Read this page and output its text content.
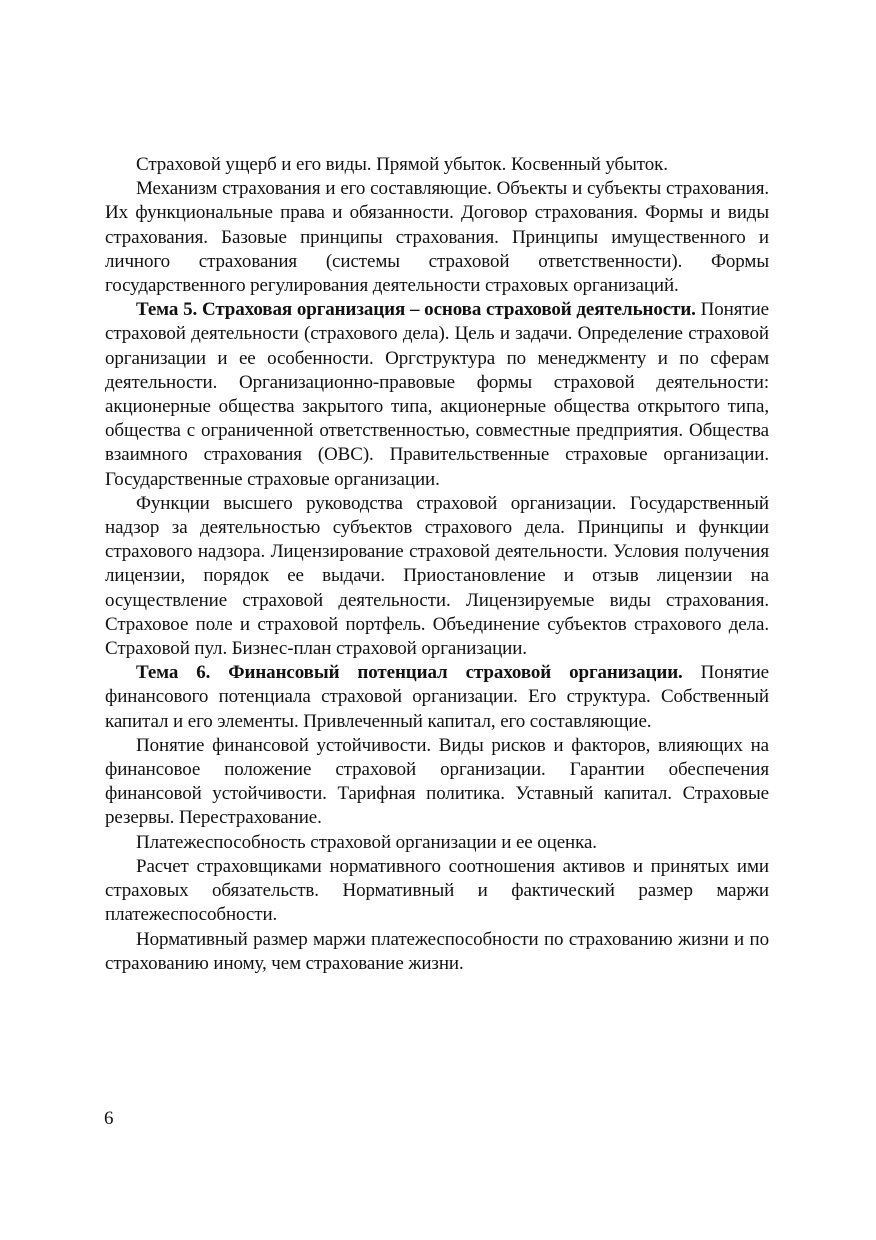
Страховой ущерб и его виды. Прямой убыток. Косвенный убыток.

Механизм страхования и его составляющие. Объекты и субъекты страхования. Их функциональные права и обязанности. Договор страхования. Формы и виды страхования. Базовые принципы страхования. Принципы имущественного и личного страхования (системы страховой ответственности). Формы государственного регулирования деятельности страховых организаций.

Тема 5. Страховая организация – основа страховой деятельности. Понятие страховой деятельности (страхового дела). Цель и задачи. Определение страховой организации и ее особенности. Оргструктура по менеджменту и по сферам деятельности. Организационно-правовые формы страховой деятельности: акционерные общества закрытого типа, акционерные общества открытого типа, общества с ограниченной ответственностью, совместные предприятия. Общества взаимного страхования (ОВС). Правительственные страховые организации. Государственные страховые организации.

Функции высшего руководства страховой организации. Государственный надзор за деятельностью субъектов страхового дела. Принципы и функции страхового надзора. Лицензирование страховой деятельности. Условия получения лицензии, порядок ее выдачи. Приостановление и отзыв лицензии на осуществление страховой деятельности. Лицензируемые виды страхования. Страховое поле и страховой портфель. Объединение субъектов страхового дела. Страховой пул. Бизнес-план страховой организации.

Тема 6. Финансовый потенциал страховой организации. Понятие финансового потенциала страховой организации. Его структура. Собственный капитал и его элементы. Привлеченный капитал, его составляющие.

Понятие финансовой устойчивости. Виды рисков и факторов, влияющих на финансовое положение страховой организации. Гарантии обеспечения финансовой устойчивости. Тарифная политика. Уставный капитал. Страховые резервы. Перестрахование.

Платежеспособность страховой организации и ее оценка.

Расчет страховщиками нормативного соотношения активов и принятых ими страховых обязательств. Нормативный и фактический размер маржи платежеспособности.

Нормативный размер маржи платежеспособности по страхованию жизни и по страхованию иному, чем страхование жизни.

6
